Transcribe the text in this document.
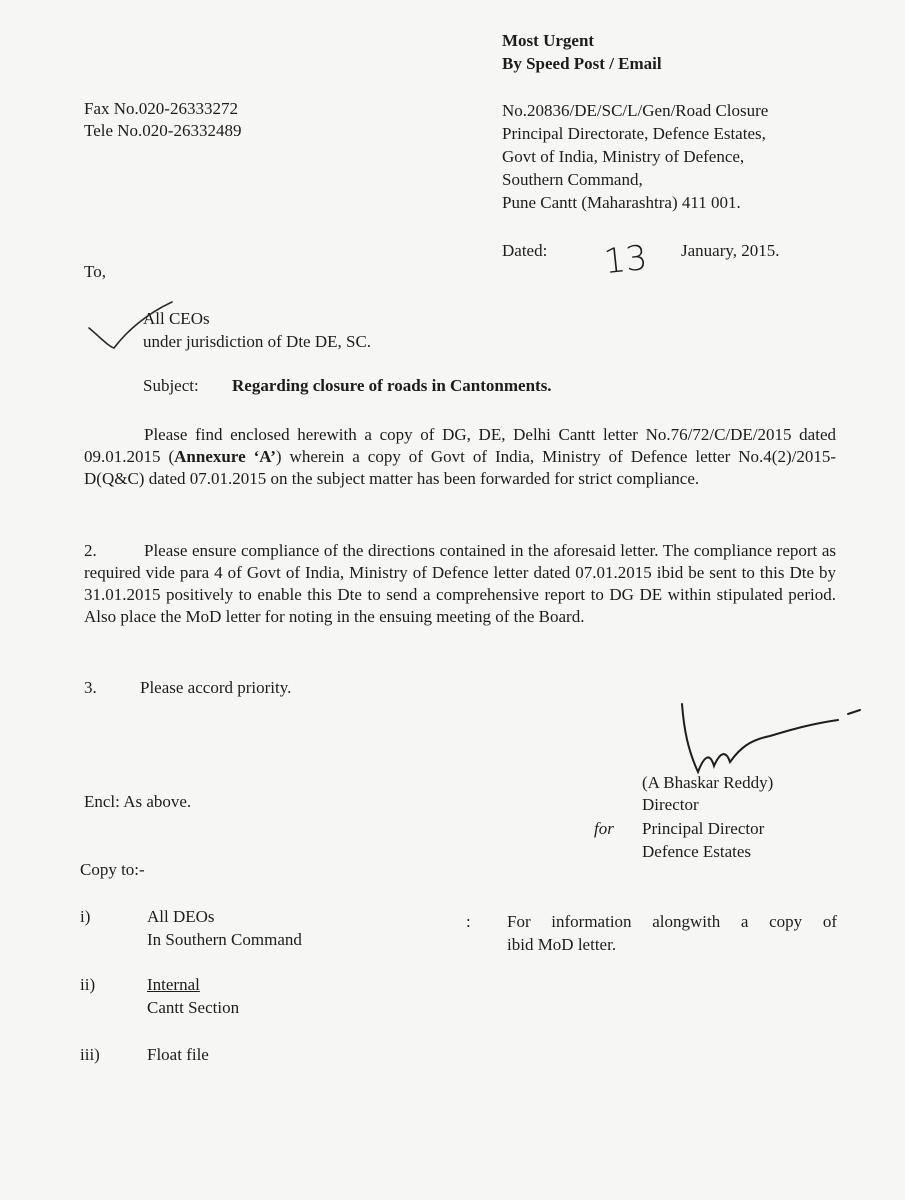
Most Urgent
By Speed Post / Email
Fax No.020-26333272
Tele No.020-26332489
No.20836/DE/SC/L/Gen/Road Closure
Principal Directorate, Defence Estates,
Govt of India, Ministry of Defence,
Southern Command,
Pune Cantt (Maharashtra) 411 001.
Dated: 13 January, 2015.
To,
All CEOs
under jurisdiction of Dte DE, SC.
Subject: Regarding closure of roads in Cantonments.
Please find enclosed herewith a copy of DG, DE, Delhi Cantt letter No.76/72/C/DE/2015 dated 09.01.2015 (Annexure ‘A’) wherein a copy of Govt of India, Ministry of Defence letter No.4(2)/2015-D(Q&C) dated 07.01.2015 on the subject matter has been forwarded for strict compliance.
2.	Please ensure compliance of the directions contained in the aforesaid letter. The compliance report as required vide para 4 of Govt of India, Ministry of Defence letter dated 07.01.2015 ibid be sent to this Dte by 31.01.2015 positively to enable this Dte to send a comprehensive report to DG DE within stipulated period. Also place the MoD letter for noting in the ensuing meeting of the Board.
3.	Please accord priority.
(A Bhaskar Reddy)
Director
for Principal Director
Defence Estates
Encl: As above.
Copy to:-
i)	All DEOs
In Southern Command
: For information alongwith a copy of
ibid MoD letter.
ii)	Internal
Cantt Section
iii)	Float file
